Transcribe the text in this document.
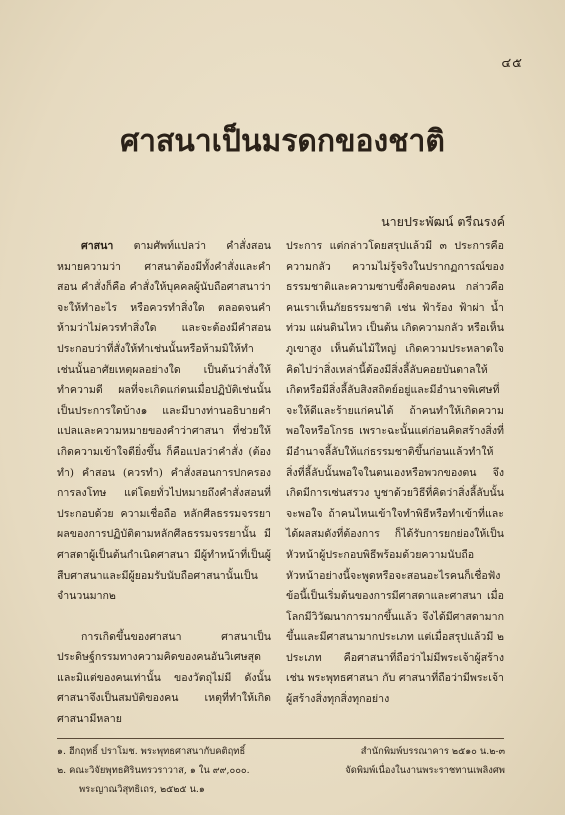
๔๕
ศาสนาเป็นมรดกของชาติ
นายประพัฒน์ ตรีณรงค์

ศาสนา ตามศัพท์แปลว่า คำสั่งสอน หมายความว่า ศาสนาต้องมีทั้งคำสั่งและคำสอน คำสั่งก็คือ คำสั่งให้บุคคลผู้นับถือศาสนาว่าจะให้ทำอะไร หรือควรทำสิ่งใด ตลอดจนคำห้ามว่าไม่ควรทำสิ่งใด และจะต้องมีคำสอนประกอบว่าที่สั่งให้ทำเช่นนั้นหรือห้ามมิให้ทำเช่นนั้นอาศัยเหตุผลอย่างใด เป็นต้นว่าสั่งให้ทำความดี ผลที่จะเกิดแก่ตนเมื่อปฏิบัติเช่นนั้นเป็นประการใดบ้าง๑ และมีบางท่านอธิบายคำแปลและความหมายของคำว่าศาสนา ที่ช่วยให้เกิดความเข้าใจดียิ่งขึ้น ก็คือแปลว่าคำสั่ง (ต้องทำ) คำสอน (ควรทำ) คำสั่งสอนการปกครอง การลงโทษ แต่โดยทั่วไปหมายถึงคำสั่งสอนที่ประกอบด้วย ความเชื่อถือ หลักศีลธรรมจรรยา ผลของการปฏิบัติตามหลักศีลธรรมจรรยานั้น มีศาสดาผู้เป็นต้นกำเนิดศาสนา มีผู้ทำหน้าที่เป็นผู้สืบศาสนาและมีผู้ยอมรับนับถือศาสนานั้นเป็นจำนวนมาก๒

การเกิดขึ้นของศาสนา ศาสนาเป็นประดิษฐ์กรรมทางความคิดของคนอันวิเศษสุด และมิแต่ของคนเท่านั้น ของวัตถุไม่มี ดังนั้น ศาสนาจึงเป็นสมบัติของคน เหตุที่ทำให้เกิดศาสนามีหลาย

ประการ แต่กล่าวโดยสรุปแล้วมี ๓ ประการคือ ความกลัว ความไม่รู้จริงในปรากฏการณ์ของธรรมชาติและความซาบซึ้งคิดของคน กล่าวคือ คนเราเห็นภัยธรรมชาติ เช่น ฟ้าร้อง ฟ้าผ่า น้ำท่วม แผ่นดินไหว เป็นต้น เกิดความกลัว หรือเห็นภูเขาสูง เห็นต้นไม้ใหญ่ เกิดความประหลาดใจ คิดไปว่าสิ่งเหล่านี้ต้องมีสิ่งลี้ลับคอยบันดาลให้เกิดหรือมีสิ่งลี้ลับสิงสถิตย์อยู่และมีอำนาจพิเศษที่จะให้ดีและร้ายแก่คนได้ ถ้าคนทำให้เกิดความพอใจหรือโกรธ เพราะฉะนั้นแต่ก่อนคิดสร้างสิ่งที่มีอำนาจลี้ลับให้แก่ธรรมชาติขึ้นก่อนแล้วทำให้สิ่งที่ลี้ลับนั้นพอใจในตนเองหรือพวกของตน จึงเกิดมีการเซ่นสรวง บูชาด้วยวิธีที่คิดว่าสิ่งลี้ลับนั้นจะพอใจ ถ้าคนไหนเข้าใจทำพิธีหรือทำเข้าที่และได้ผลสมดังที่ต้องการ ก็ได้รับการยกย่องให้เป็นหัวหน้าผู้ประกอบพิธีพร้อมด้วยความนับถือ หัวหน้าอย่างนี้จะพูดหรือจะสอนอะไรคนก็เชื่อฟัง ข้อนี้เป็นเริ่มต้นของการมีศาสดาและศาสนา เมื่อโลกมีวิวัฒนาการมากขึ้นแล้ว จึงได้มีศาสดามากขึ้นและมีศาสนามากประเภท แต่เมื่อสรุปแล้วมี ๒ ประเภท คือศาสนาที่ถือว่าไม่มีพระเจ้าผู้สร้าง เช่น พระพุทธศาสนา กับ ศาสนาที่ถือว่ามีพระเจ้าผู้สร้างสิ่งทุกสิ่งทุกอย่าง

๑. ฮีกฤทธิ์ ปราโมช. พระพุทธศาสนากับคติฤทธิ์	สำนักพิมพ์บรรณาคาร ๒๕๑๐ น.๒-๓
๒. คณะวิจัยพุทธศิรินทรวราวาส, ๑ ใน ๙๙,๐๐๐.	จัดพิมพ์เนื่องในงานพระราชทานเพลิงศพ
พระญาณวิสุทธิเถร, ๒๕๒๕ น.๑
